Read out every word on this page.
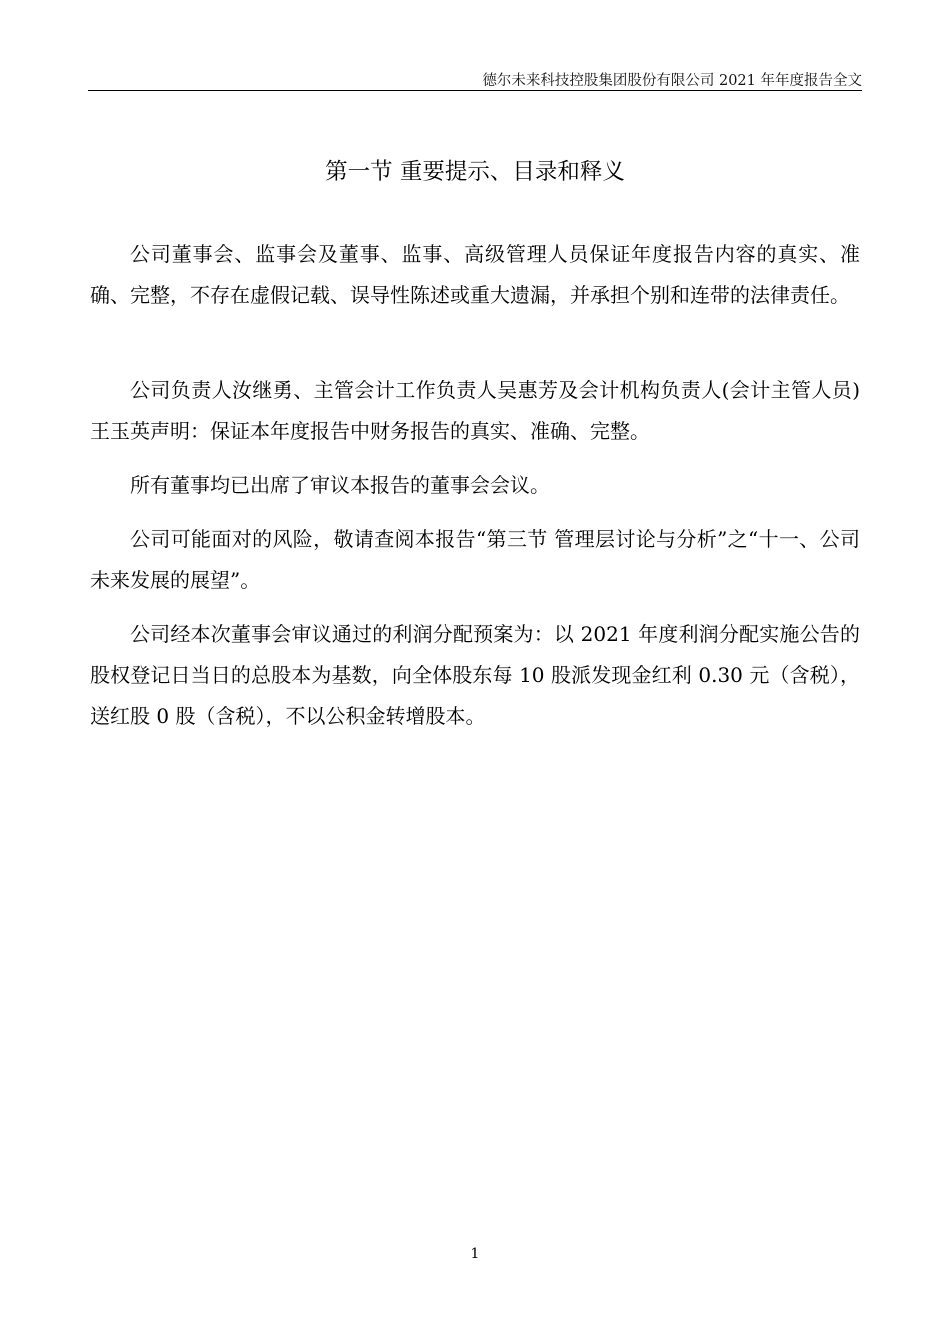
德尔未来科技控股集团股份有限公司 2021 年年度报告全文
第一节 重要提示、目录和释义

公司董事会、监事会及董事、监事、高级管理人员保证年度报告内容的真实、准确、完整，不存在虚假记载、误导性陈述或重大遗漏，并承担个别和连带的法律责任。

公司负责人汝继勇、主管会计工作负责人吴惠芳及会计机构负责人(会计主管人员)王玉英声明：保证本年度报告中财务报告的真实、准确、完整。

所有董事均已出席了审议本报告的董事会会议。

公司可能面对的风险，敬请查阅本报告“第三节 管理层讨论与分析”之“十一、公司未来发展的展望”。

公司经本次董事会审议通过的利润分配预案为：以 2021 年度利润分配实施公告的股权登记日当日的总股本为基数，向全体股东每 10 股派发现金红利 0.30 元（含税），送红股 0 股（含税），不以公积金转增股本。

1
